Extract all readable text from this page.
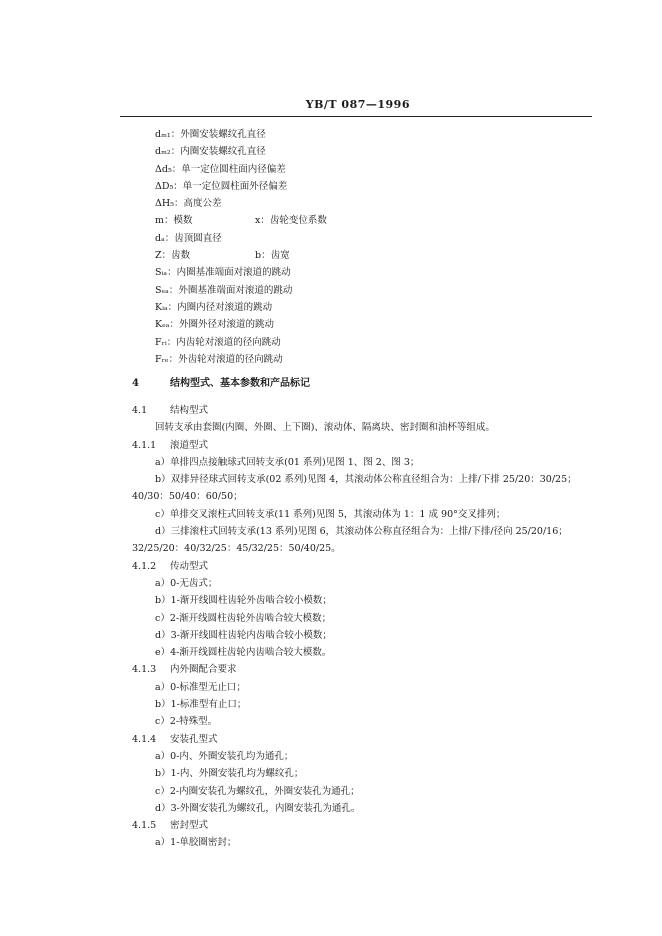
YB/T 087—1996
dₘ₁：外圈安装螺纹孔直径
dₘ₂：内圈安装螺纹孔直径
Δd₅：单一定位圆柱面内径偏差
ΔD₅：单一定位圆柱面外径偏差
ΔH₅：高度公差
m：模数	x：齿轮变位系数
dₐ：齿顶圆直径
Z：齿数	b：齿宽
Sᵢₐ：内圈基准端面对滚道的跳动
Sₑₐ：外圈基准端面对滚道的跳动
Kᵢₐ：内圈内径对滚道的跳动
Kₑₐ：外圈外径对滚道的跳动
Fᵣᵢ：内齿轮对滚道的径向跳动
Fᵣₑ：外齿轮对滚道的径向跳动
4	结构型式、基本参数和产品标记
4.1 结构型式
回转支承由套圈(内圈、外圈、上下圈)、滚动体、隔离块、密封圈和油杯等组成。
4.1.1 滚道型式
a）单排四点接触球式回转支承(01 系列)见图 1、图 2、图 3；
b）双排异径球式回转支承(02 系列)见图 4，其滚动体公称直径组合为：上排/下排 25/20：30/25；
40/30：50/40：60/50；
c）单排交叉滚柱式回转支承(11 系列)见图 5，其滚动体为 1：1 成 90°交叉排列；
d）三排滚柱式回转支承(13 系列)见图 6，其滚动体公称直径组合为：上排/下排/径向 25/20/16；
32/25/20：40/32/25：45/32/25：50/40/25。
4.1.2 传动型式
a）0-无齿式；
b）1-渐开线圆柱齿轮外齿啮合较小模数；
c）2-渐开线圆柱齿轮外齿啮合较大模数；
d）3-渐开线圆柱齿轮内齿啮合较小模数；
e）4-渐开线圆柱齿轮内齿啮合较大模数。
4.1.3 内外圈配合要求
a）0-标准型无止口；
b）1-标准型有止口；
c）2-特殊型。
4.1.4 安装孔型式
a）0-内、外圈安装孔均为通孔；
b）1-内、外圈安装孔均为螺纹孔；
c）2-内圈安装孔为螺纹孔，外圈安装孔为通孔；
d）3-外圈安装孔为螺纹孔，内圈安装孔为通孔。
4.1.5 密封型式
a）1-单胶圈密封；
